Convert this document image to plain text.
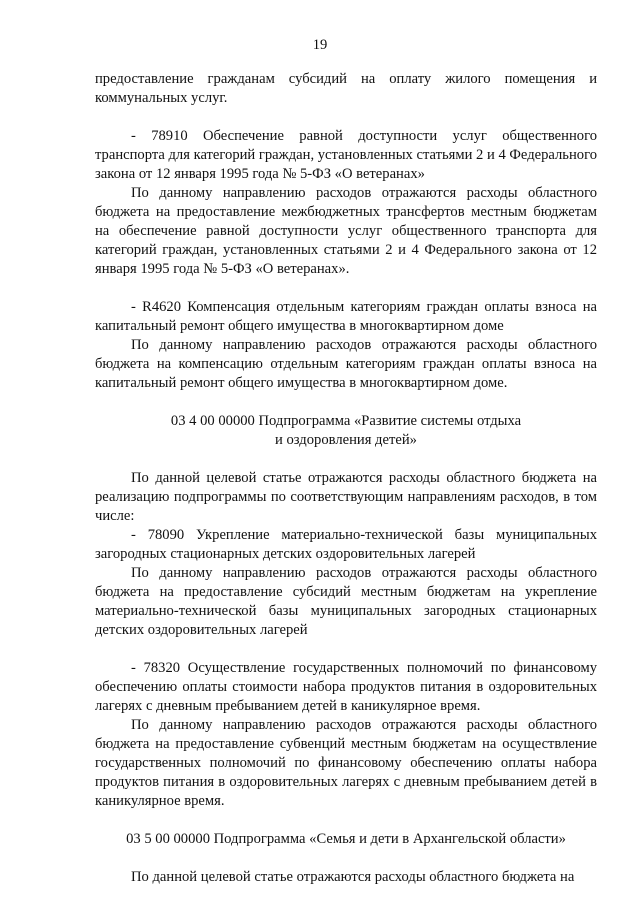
19

предоставление гражданам субсидий на оплату жилого помещения и коммунальных услуг.

- 78910 Обеспечение равной доступности услуг общественного транспорта для категорий граждан, установленных статьями 2 и 4 Федерального закона от 12 января 1995 года № 5-ФЗ «О ветеранах»

По данному направлению расходов отражаются расходы областного бюджета на предоставление межбюджетных трансфертов местным бюджетам на обеспечение равной доступности услуг общественного транспорта для категорий граждан, установленных статьями 2 и 4 Федерального закона от 12 января 1995 года № 5-ФЗ «О ветеранах».

- R4620 Компенсация отдельным категориям граждан оплаты взноса на капитальный ремонт общего имущества в многоквартирном доме

По данному направлению расходов отражаются расходы областного бюджета на компенсацию отдельным категориям граждан оплаты взноса на капитальный ремонт общего имущества в многоквартирном доме.

03 4 00 00000 Подпрограмма «Развитие системы отдыха
и оздоровления детей»

По данной целевой статье отражаются расходы областного бюджета на реализацию подпрограммы по соответствующим направлениям расходов, в том числе:

- 78090 Укрепление материально-технической базы муниципальных загородных стационарных детских оздоровительных лагерей

По данному направлению расходов отражаются расходы областного бюджета на предоставление субсидий местным бюджетам на укрепление материально-технической базы муниципальных загородных стационарных детских оздоровительных лагерей

- 78320 Осуществление государственных полномочий по финансовому обеспечению оплаты стоимости набора продуктов питания в оздоровительных лагерях с дневным пребыванием детей в каникулярное время.

По данному направлению расходов отражаются расходы областного бюджета на предоставление субвенций местным бюджетам на осуществление государственных полномочий по финансовому обеспечению оплаты набора продуктов питания в оздоровительных лагерях с дневным пребыванием детей в каникулярное время.

03 5 00 00000 Подпрограмма «Семья и дети в Архангельской области»

По данной целевой статье отражаются расходы областного бюджета на
